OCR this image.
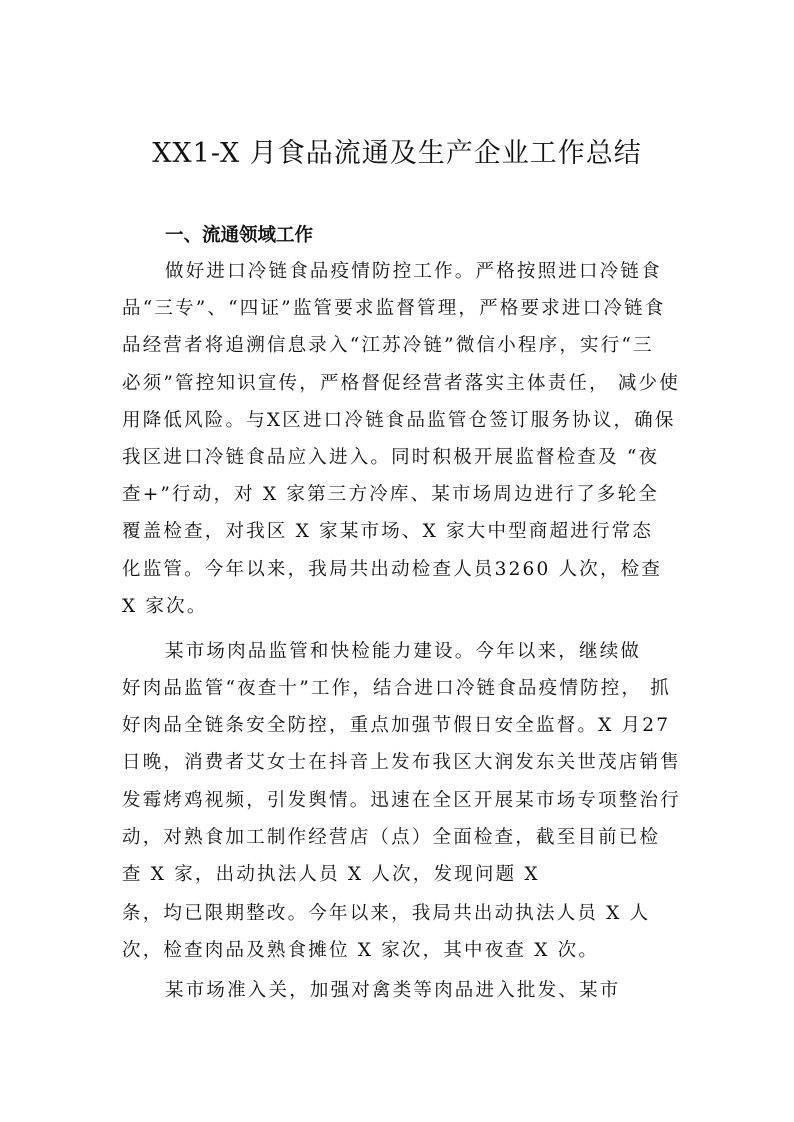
XX1-X 月食品流通及生产企业工作总结
一、流通领域工作
做好进口冷链食品疫情防控工作。严格按照进口冷链食
品“三专”、“四证”监管要求监督管理，严格要求进口冷链食
品经营者将追溯信息录入“江苏冷链”微信小程序，实行“三
必须”管控知识宣传，严格督促经营者落实主体责任， 减少使
用降低风险。与X区进口冷链食品监管仓签订服务协议，确保
我区进口冷链食品应入进入。同时积极开展监督检查及 “夜
查+”行动，对 X 家第三方冷库、某市场周边进行了多轮全
覆盖检查，对我区 X 家某市场、X 家大中型商超进行常态
化监管。今年以来，我局共出动检查人员3260 人次，检查
X 家次。
某市场肉品监管和快检能力建设。今年以来，继续做
好肉品监管“夜查十”工作，结合进口冷链食品疫情防控， 抓
好肉品全链条安全防控，重点加强节假日安全监督。X 月27
日晚，消费者艾女士在抖音上发布我区大润发东关世茂店销售
发霉烤鸡视频，引发舆情。迅速在全区开展某市场专项整治行
动，对熟食加工制作经营店（点）全面检查，截至目前已检
查 X 家，出动执法人员 X 人次，发现问题 X
条，均已限期整改。今年以来，我局共出动执法人员 X 人
次，检查肉品及熟食摊位 X 家次，其中夜查 X 次。
某市场准入关，加强对禽类等肉品进入批发、某市
